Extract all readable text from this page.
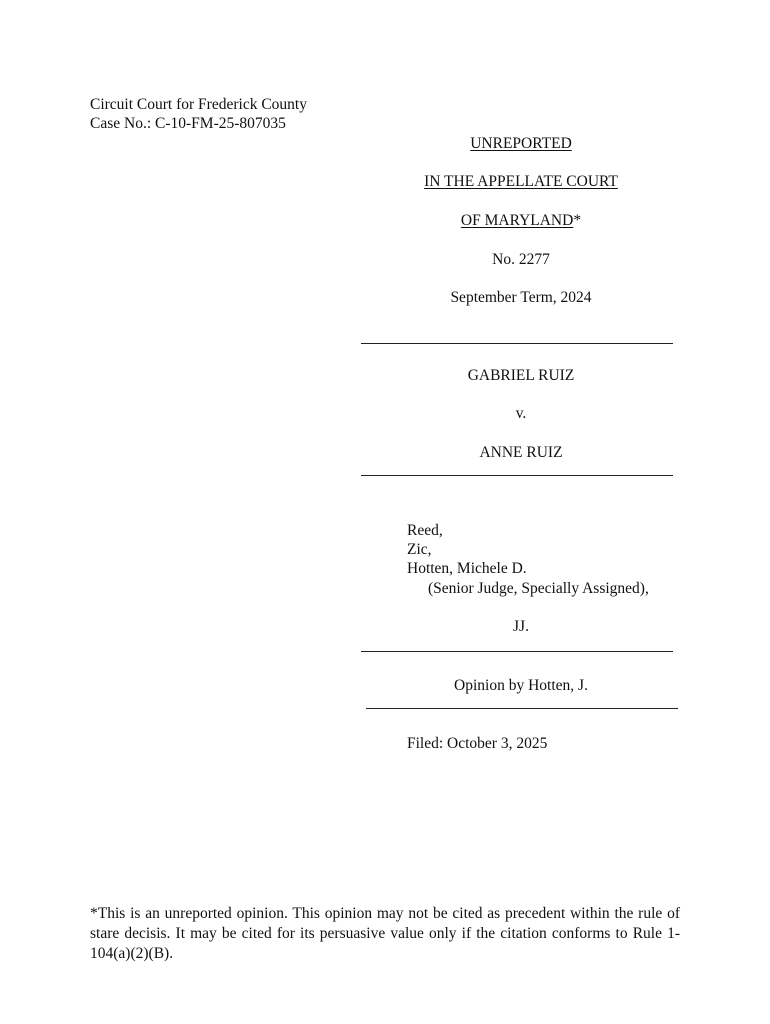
Circuit Court for Frederick County

Case No.: C-10-FM-25-807035

UNREPORTED

IN THE APPELLATE COURT

OF MARYLAND*

No. 2277

September Term, 2024

GABRIEL RUIZ

v.

ANNE RUIZ

Reed,

Zic,

Hotten, Michele D.

(Senior Judge, Specially Assigned),

JJ.

Opinion by Hotten, J.

Filed: October 3, 2025

*This is an unreported opinion. This opinion may not be cited as precedent within the rule of stare decisis. It may be cited for its persuasive value only if the citation conforms to Rule 1-104(a)(2)(B).
